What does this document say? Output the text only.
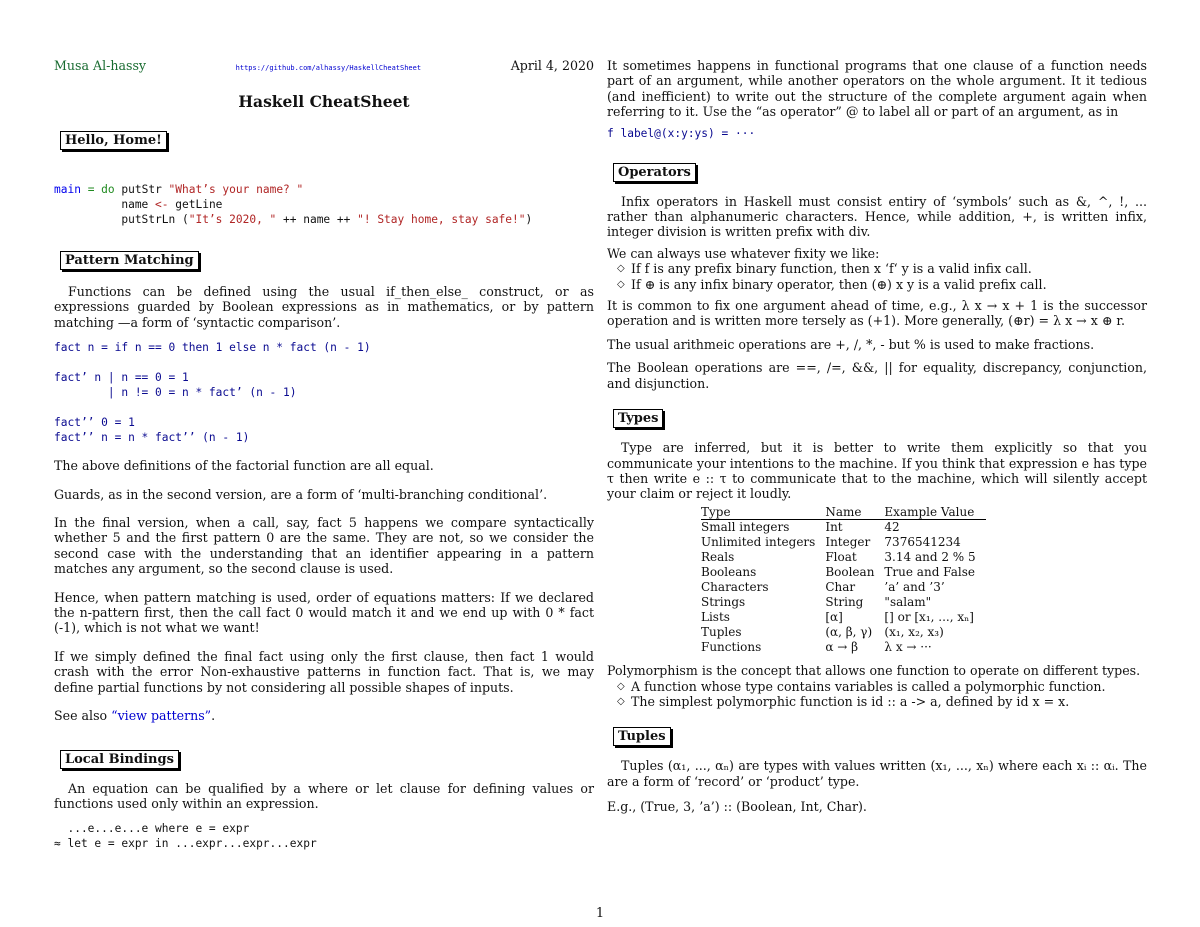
Musa Al-hassy	https://github.com/alhassy/HaskellCheatSheet	April 4, 2020
Haskell CheatSheet
Hello, Home!
main = do putStr "What’s your name? "
name <- getLine
putStrLn ("It’s 2020, " ++ name ++ "! Stay home, stay safe!")
Pattern Matching

Functions can be defined using the usual if_then_else_ construct, or as expressions guarded by Boolean expressions as in mathematics, or by pattern matching —a form of ‘syntactic comparison’.

fact n = if n == 0 then 1 else n * fact (n - 1)
fact’ n | n == 0 = 1
| n != 0 = n * fact’ (n - 1)
fact’’ 0 = 1
fact’’ n = n * fact’’ (n - 1)

The above definitions of the factorial function are all equal.

Guards, as in the second version, are a form of ‘multi-branching conditional’.

In the final version, when a call, say, fact 5 happens we compare syntactically whether 5 and the first pattern 0 are the same. They are not, so we consider the second case with the understanding that an identifier appearing in a pattern matches any argument, so the second clause is used.

Hence, when pattern matching is used, order of equations matters: If we declared the n-pattern first, then the call fact 0 would match it and we end up with 0 * fact (-1), which is not what we want!

If we simply defined the final fact using only the first clause, then fact 1 would crash with the error Non-exhaustive patterns in function fact. That is, we may define partial functions by not considering all possible shapes of inputs.

See also “view patterns”.

Local Bindings

An equation can be qualified by a where or let clause for defining values or functions used only within an expression.

...e...e...e where e = expr
≈ let e = expr in ...expr...expr...expr

It sometimes happens in functional programs that one clause of a function needs part of an argument, while another operators on the whole argument. It it tedious (and inefficient) to write out the structure of the complete argument again when referring to it. Use the “as operator” @ to label all or part of an argument, as in

f label@(x:y:ys) = ···
Operators

Infix operators in Haskell must consist entiry of ‘symbols’ such as &, ^, !, ... rather than alphanumeric characters. Hence, while addition, +, is written infix, integer division is written prefix with div.

We can always use whatever fixity we like:

◇ If f is any prefix binary function, then x ‘f‘ y is a valid infix call.
◇ If ⊕ is any infix binary operator, then (⊕) x y is a valid prefix call.

It is common to fix one argument ahead of time, e.g., λ x → x + 1 is the successor operation and is written more tersely as (+1). More generally, (⊕r) = λ x → x ⊕ r.

The usual arithmeic operations are +, /, *, - but % is used to make fractions.

The Boolean operations are ==, /=, &&, || for equality, discrepancy, conjunction, and disjunction.

Types

Type are inferred, but it is better to write them explicitly so that you communicate your intentions to the machine. If you think that expression e has type τ then write e :: τ to communicate that to the machine, which will silently accept your claim or reject it loudly.

Type	Name	Example Value
Small integers	Int	42
Unlimited integers	Integer	7376541234
Reals	Float	3.14 and 2 % 5
Booleans	Boolean	True and False
Characters	Char	’a’ and ’3’
Strings	String	"salam"
Lists	[α]	[] or [x₁, ..., xₙ]
Tuples	(α, β, γ)	(x₁, x₂, x₃)
Functions	α → β	λ x → ···

Polymorphism is the concept that allows one function to operate on different types.

◇ A function whose type contains variables is called a polymorphic function.
◇ The simplest polymorphic function is id :: a -> a, defined by id x = x.
Tuples

Tuples (α₁, ..., αₙ) are types with values written (x₁, ..., xₙ) where each xᵢ :: αᵢ. The are a form of ‘record’ or ‘product’ type.

E.g., (True, 3, ’a’) :: (Boolean, Int, Char).

1
